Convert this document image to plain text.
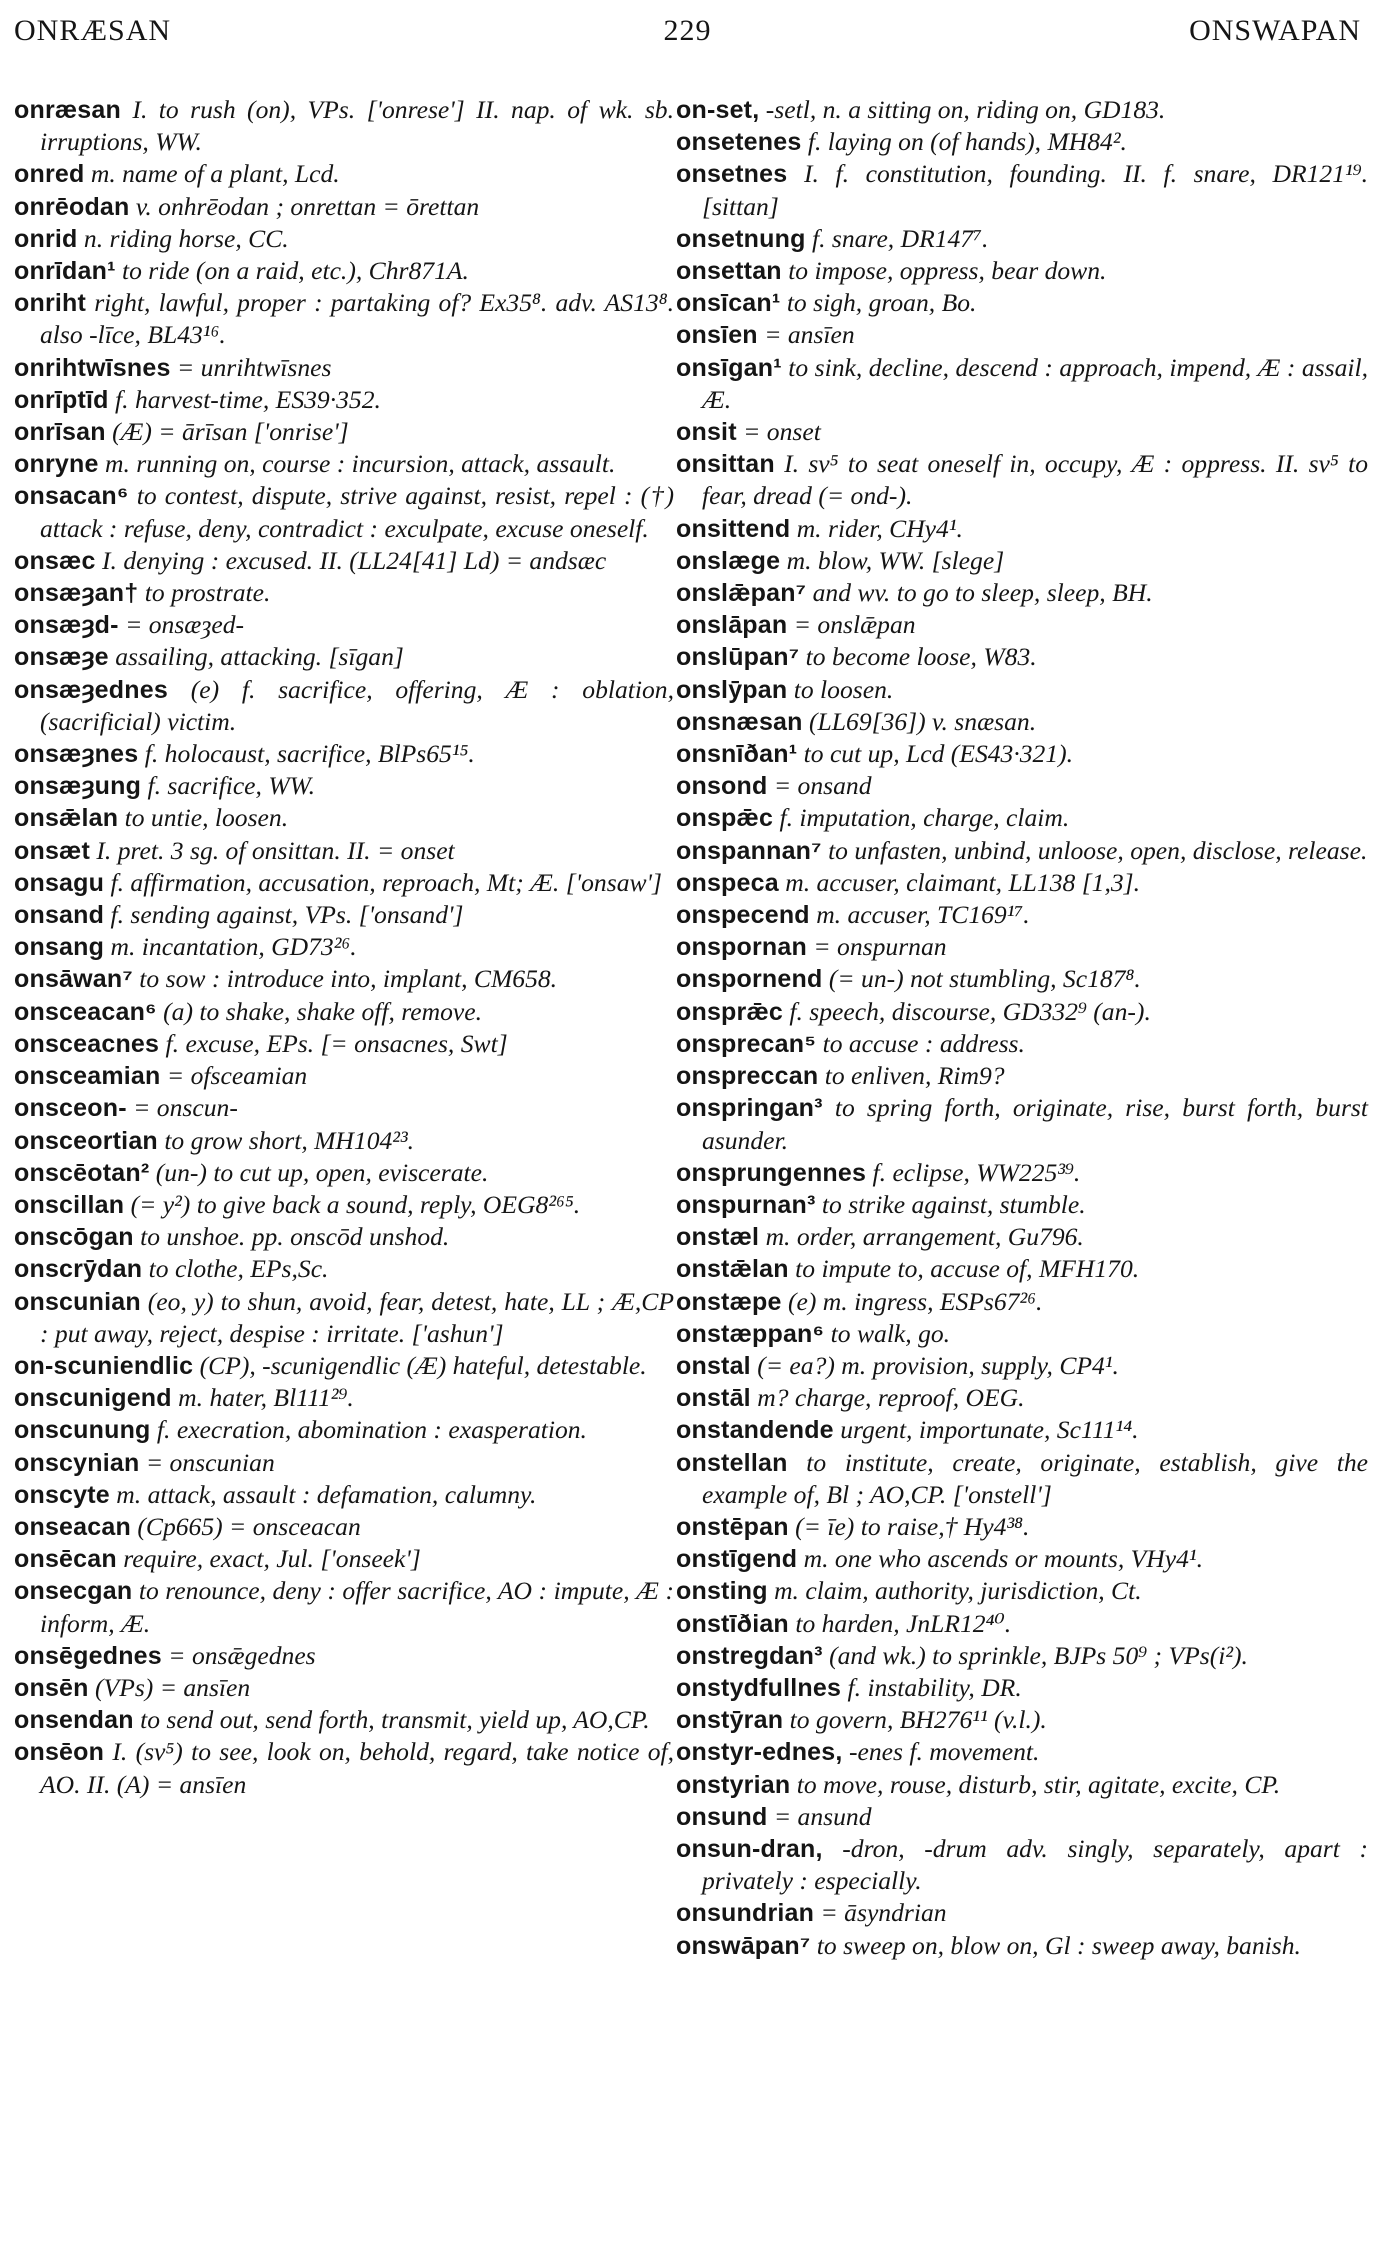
ONRÆSAN	229	ONSWAPAN

onræsan I. to rush (on), VPs. ['onrese'] II. nap. of wk. sb. irruptions, WW.

onred m. name of a plant, Lcd.

onrēodan v. onhrēodan ; onrettan = ōrettan

onrid n. riding horse, CC.

onrīdan¹ to ride (on a raid, etc.), Chr871A.

onriht right, lawful, proper : partaking of? Ex35⁸. adv. AS13⁸. also -līce, BL43¹⁶.

onrihtwīsnes = unrihtwīsnes

onrīptīd f. harvest-time, ES39·352.

onrīsan (Æ) = ārīsan ['onrise']

onryne m. running on, course : incursion, attack, assault.

onsacan⁶ to contest, dispute, strive against, resist, repel : (†) attack : refuse, deny, contradict : exculpate, excuse oneself.

onsæc I. denying : excused. II. (LL24[41] Ld) = andsæc

onsæȝan† to prostrate.

onsæȝd- = onsæȝed-

onsæȝe assailing, attacking. [sīgan]

onsæȝednes (e) f. sacrifice, offering, Æ : oblation, (sacrificial) victim.

onsæȝnes f. holocaust, sacrifice, BlPs65¹⁵.

onsæȝung f. sacrifice, WW.

onsǣlan to untie, loosen.

onsæt I. pret. 3 sg. of onsittan. II. = onset

onsagu f. affirmation, accusation, reproach, Mt; Æ. ['onsaw']

onsand f. sending against, VPs. ['onsand']

onsang m. incantation, GD73²⁶.

onsāwan⁷ to sow : introduce into, implant, CM658.

onsceacan⁶ (a) to shake, shake off, remove.

onsceacnes f. excuse, EPs. [= onsacnes, Swt]

onsceamian = ofsceamian

onsceon- = onscun-

onsceortian to grow short, MH104²³.

onscēotan² (un-) to cut up, open, eviscerate.

onscillan (= y²) to give back a sound, reply, OEG8²⁶⁵.

onscōgan to unshoe. pp. onscōd unshod.

onscrȳdan to clothe, EPs,Sc.

onscunian (eo, y) to shun, avoid, fear, detest, hate, LL ; Æ,CP : put away, reject, despise : irritate. ['ashun']

on-scuniendlic (CP), -scunigendlic (Æ) hateful, detestable.

onscunigend m. hater, Bl111²⁹.

onscunung f. execration, abomination : exasperation.

onscynian = onscunian

onscyte m. attack, assault : defamation, calumny.

onseacan (Cp665) = onsceacan

onsēcan require, exact, Jul. ['onseek']

onsecgan to renounce, deny : offer sacrifice, AO : impute, Æ : inform, Æ.

onsēgednes = onsǣgednes

onsēn (VPs) = ansīen

onsendan to send out, send forth, transmit, yield up, AO,CP.

onsēon I. (sv⁵) to see, look on, behold, regard, take notice of, AO. II. (A) = ansīen

on-set, -setl, n. a sitting on, riding on, GD183.

onsetenes f. laying on (of hands), MH84².

onsetnes I. f. constitution, founding. II. f. snare, DR121¹⁹. [sittan]

onsetnung f. snare, DR147⁷.

onsettan to impose, oppress, bear down.

onsīcan¹ to sigh, groan, Bo.

onsīen = ansīen

onsīgan¹ to sink, decline, descend : approach, impend, Æ : assail, Æ.

onsit = onset

onsittan I. sv⁵ to seat oneself in, occupy, Æ : oppress. II. sv⁵ to fear, dread (= ond-).

onsittend m. rider, CHy4¹.

onslæge m. blow, WW. [slege]

onslǣpan⁷ and wv. to go to sleep, sleep, BH.

onslāpan = onslǣpan

onslūpan⁷ to become loose, W83.

onslȳpan to loosen.

onsnæsan (LL69[36]) v. snæsan.

onsnīðan¹ to cut up, Lcd (ES43·321).

onsond = onsand

onspǣc f. imputation, charge, claim.

onspannan⁷ to unfasten, unbind, unloose, open, disclose, release.

onspeca m. accuser, claimant, LL138 [1,3].

onspecend m. accuser, TC169¹⁷.

onspornan = onspurnan

onspornend (= un-) not stumbling, Sc187⁸.

onsprǣc f. speech, discourse, GD332⁹ (an-).

onsprecan⁵ to accuse : address.

onspreccan to enliven, Rim9?

onspringan³ to spring forth, originate, rise, burst forth, burst asunder.

onsprungennes f. eclipse, WW225³⁹.

onspurnan³ to strike against, stumble.

onstæl m. order, arrangement, Gu796.

onstǣlan to impute to, accuse of, MFH170.

onstæpe (e) m. ingress, ESPs67²⁶.

onstæppan⁶ to walk, go.

onstal (= ea?) m. provision, supply, CP4¹.

onstāl m? charge, reproof, OEG.

onstandende urgent, importunate, Sc111¹⁴.

onstellan to institute, create, originate, establish, give the example of, Bl ; AO,CP. ['onstell']

onstēpan (= īe) to raise,† Hy4³⁸.

onstīgend m. one who ascends or mounts, VHy4¹.

onsting m. claim, authority, jurisdiction, Ct.

onstīðian to harden, JnLR12⁴⁰.

onstregdan³ (and wk.) to sprinkle, BJPs 50⁹ ; VPs(i²).

onstydfullnes f. instability, DR.

onstȳran to govern, BH276¹¹ (v.l.).

onstyr-ednes, -enes f. movement.

onstyrian to move, rouse, disturb, stir, agitate, excite, CP.

onsund = ansund

onsun-dran, -dron, -drum adv. singly, separately, apart : privately : especially.

onsundrian = āsyndrian

onswāpan⁷ to sweep on, blow on, Gl : sweep away, banish.
